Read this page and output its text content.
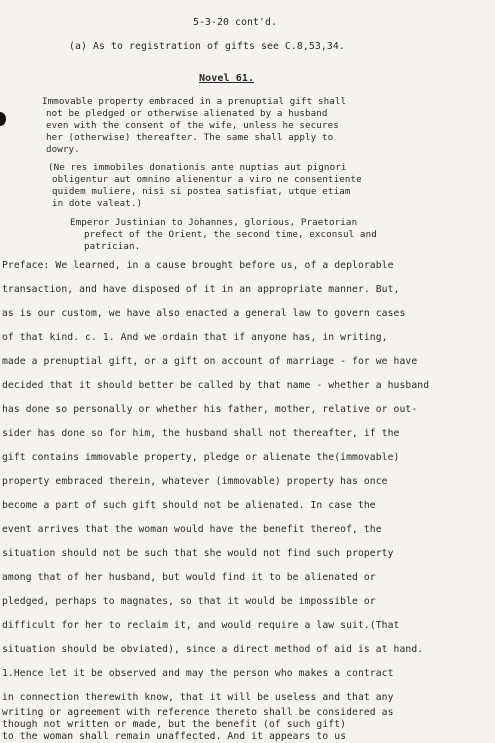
5-3-20 cont'd.
(a) As to registration of gifts see C.8,53,34.
Novel 61.
Immovable property embraced in a prenuptial gift shall
not be pledged or otherwise alienated by a husband
even with the consent of the wife, unless he secures
her (otherwise) thereafter. The same shall apply to
dowry.
(Ne res immobiles donationis ante nuptias aut pignori
obligentur aut omnino alienentur a viro ne consentiente
quidem muliere, nisi si postea satisfiat, utque etiam
in dote valeat.)
Emperor Justinian to Johannes, glorious, Praetorian
prefect of the Orient, the second time, exconsul and
patrician.
Preface: We learned, in a cause brought before us, of a deplorable
transaction, and have disposed of it in an appropriate manner. But,
as is our custom, we have also enacted a general law to govern cases
of that kind. c. 1. And we ordain that if anyone has, in writing,
made a prenuptial gift, or a gift on account of marriage - for we have
decided that it should better be called by that name - whether a husband
has done so personally or whether his father, mother, relative or out-
sider has done so for him, the husband shall not thereafter, if the
gift contains immovable property, pledge or alienate the(immovable)
property embraced therein, whatever (immovable) property has once
become a part of such gift should not be alienated. In case the
event arrives that the woman would have the benefit thereof, the
situation should not be such that she would not find such property
among that of her husband, but would find it to be alienated or
pledged, perhaps to magnates, so that it would be impossible or
difficult for her to reclaim it, and would require a law suit.(That
situation should be obviated), since a direct method of aid is at hand.
1.Hence let it be observed and may the person who makes a contract
in connection therewith know, that it will be useless and that any
writing or agreement with reference thereto shall be considered as
though not written or made, but the benefit (of such gift)
to the woman shall remain unaffected. And it appears to us
